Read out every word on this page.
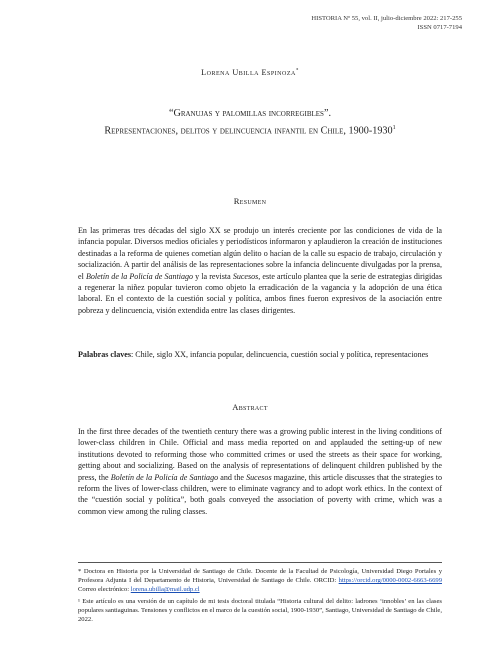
HISTORIA Nº 55, vol. II, julio-diciembre 2022: 217-255
ISSN 0717-7194
Lorena Ubilla Espinoza*
“Granujas y palomillas incorregibles”.
Representaciones, delitos y delincuencia infantil en Chile, 1900-1930$^1$
Resumen
En las primeras tres décadas del siglo XX se produjo un interés creciente por las condiciones de vida de la infancia popular. Diversos medios oficiales y periodísticos informaron y aplaudieron la creación de instituciones destinadas a la reforma de quienes cometían algún delito o hacían de la calle su espacio de trabajo, circulación y socialización. A partir del análisis de las representaciones sobre la infancia delincuente divulgadas por la prensa, el Boletín de la Policía de Santiago y la revista Sucesos, este artículo plantea que la serie de estrategias dirigidas a regenerar la niñez popular tuvieron como objeto la erradicación de la vagancia y la adopción de una ética laboral. En el contexto de la cuestión social y política, ambos fines fueron expresivos de la asociación entre pobreza y delincuencia, visión extendida entre las clases dirigentes.
Palabras claves: Chile, siglo XX, infancia popular, delincuencia, cuestión social y política, representaciones
Abstract
In the first three decades of the twentieth century there was a growing public interest in the living conditions of lower-class children in Chile. Official and mass media reported on and applauded the setting-up of new institutions devoted to reforming those who committed crimes or used the streets as their space for working, getting about and socializing. Based on the analysis of representations of delinquent children published by the press, the Boletín de la Policía de Santiago and the Sucesos magazine, this article discusses that the strategies to reform the lives of lower-class children, were to eliminate vagrancy and to adopt work ethics. In the context of the “cuestión social y política”, both goals conveyed the association of poverty with crime, which was a common view among the ruling classes.

* Doctora en Historia por la Universidad de Santiago de Chile. Docente de la Facultad de Psicología, Universidad Diego Portales y Profesora Adjunta I del Departamento de Historia, Universidad de Santiago de Chile. ORCID: https://orcid.org/0000-0002-6663-6699 Correo electrónico: lorena.ubilla@mail.udp.cl

¹ Este artículo es una versión de un capítulo de mi tesis doctoral titulada “Historia cultural del delito: ladrones ‘innobles’ en las clases populares santiaguinas. Tensiones y conflictos en el marco de la cuestión social, 1900-1930”, Santiago, Universidad de Santiago de Chile, 2022.
